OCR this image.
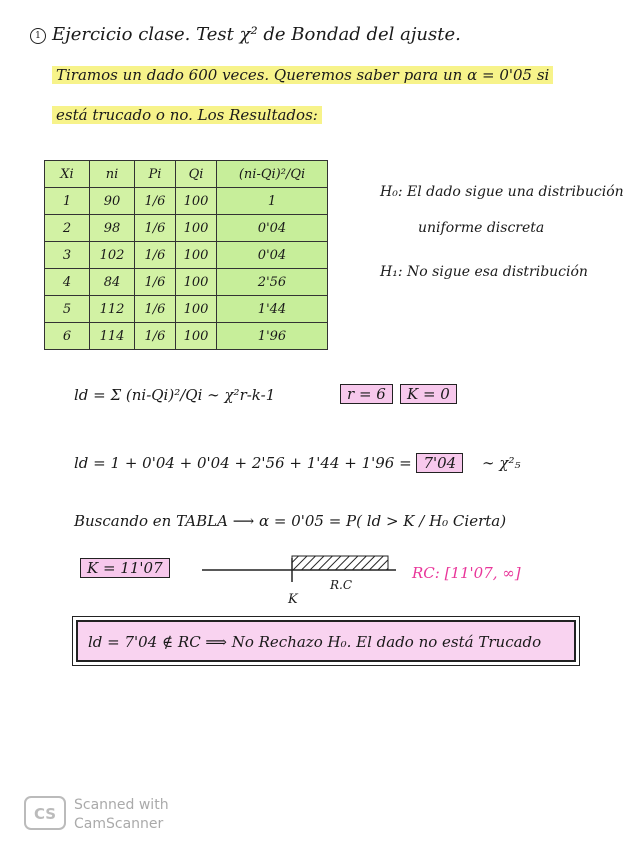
1 Ejercicio clase. Test χ² de Bondad del ajuste.
Tiramos un dado 600 veces. Queremos saber para un α = 0'05 si
está trucado o no. Los Resultados:
Xi	ni	Pi	Qi	(ni-Qi)²/Qi
1	90	1/6	100	1
2	98	1/6	100	0'04
3	102	1/6	100	0'04
4	84	1/6	100	2'56
5	112	1/6	100	1'44
6	114	1/6	100	1'96
H₀: El dado sigue una distribución
uniforme discreta
H₁: No sigue esa distribución
ld = Σ (ni-Qi)²/Qi ∼ χ²r-k-1	r = 6	K = 0
ld = 1 + 0'04 + 0'04 + 2'56 + 1'44 + 1'96 = 7'04 ∼ χ²₅
Buscando en TABLA ⟶ α = 0'05 = P( ld > K / H₀ Cierta)
K = 11'07
K
R.C
RC: [11'07, ∞]
ld = 7'04 ∉ RC ⟹ No Rechazo H₀. El dado no está Trucado
CS Scanned with
CamScanner
